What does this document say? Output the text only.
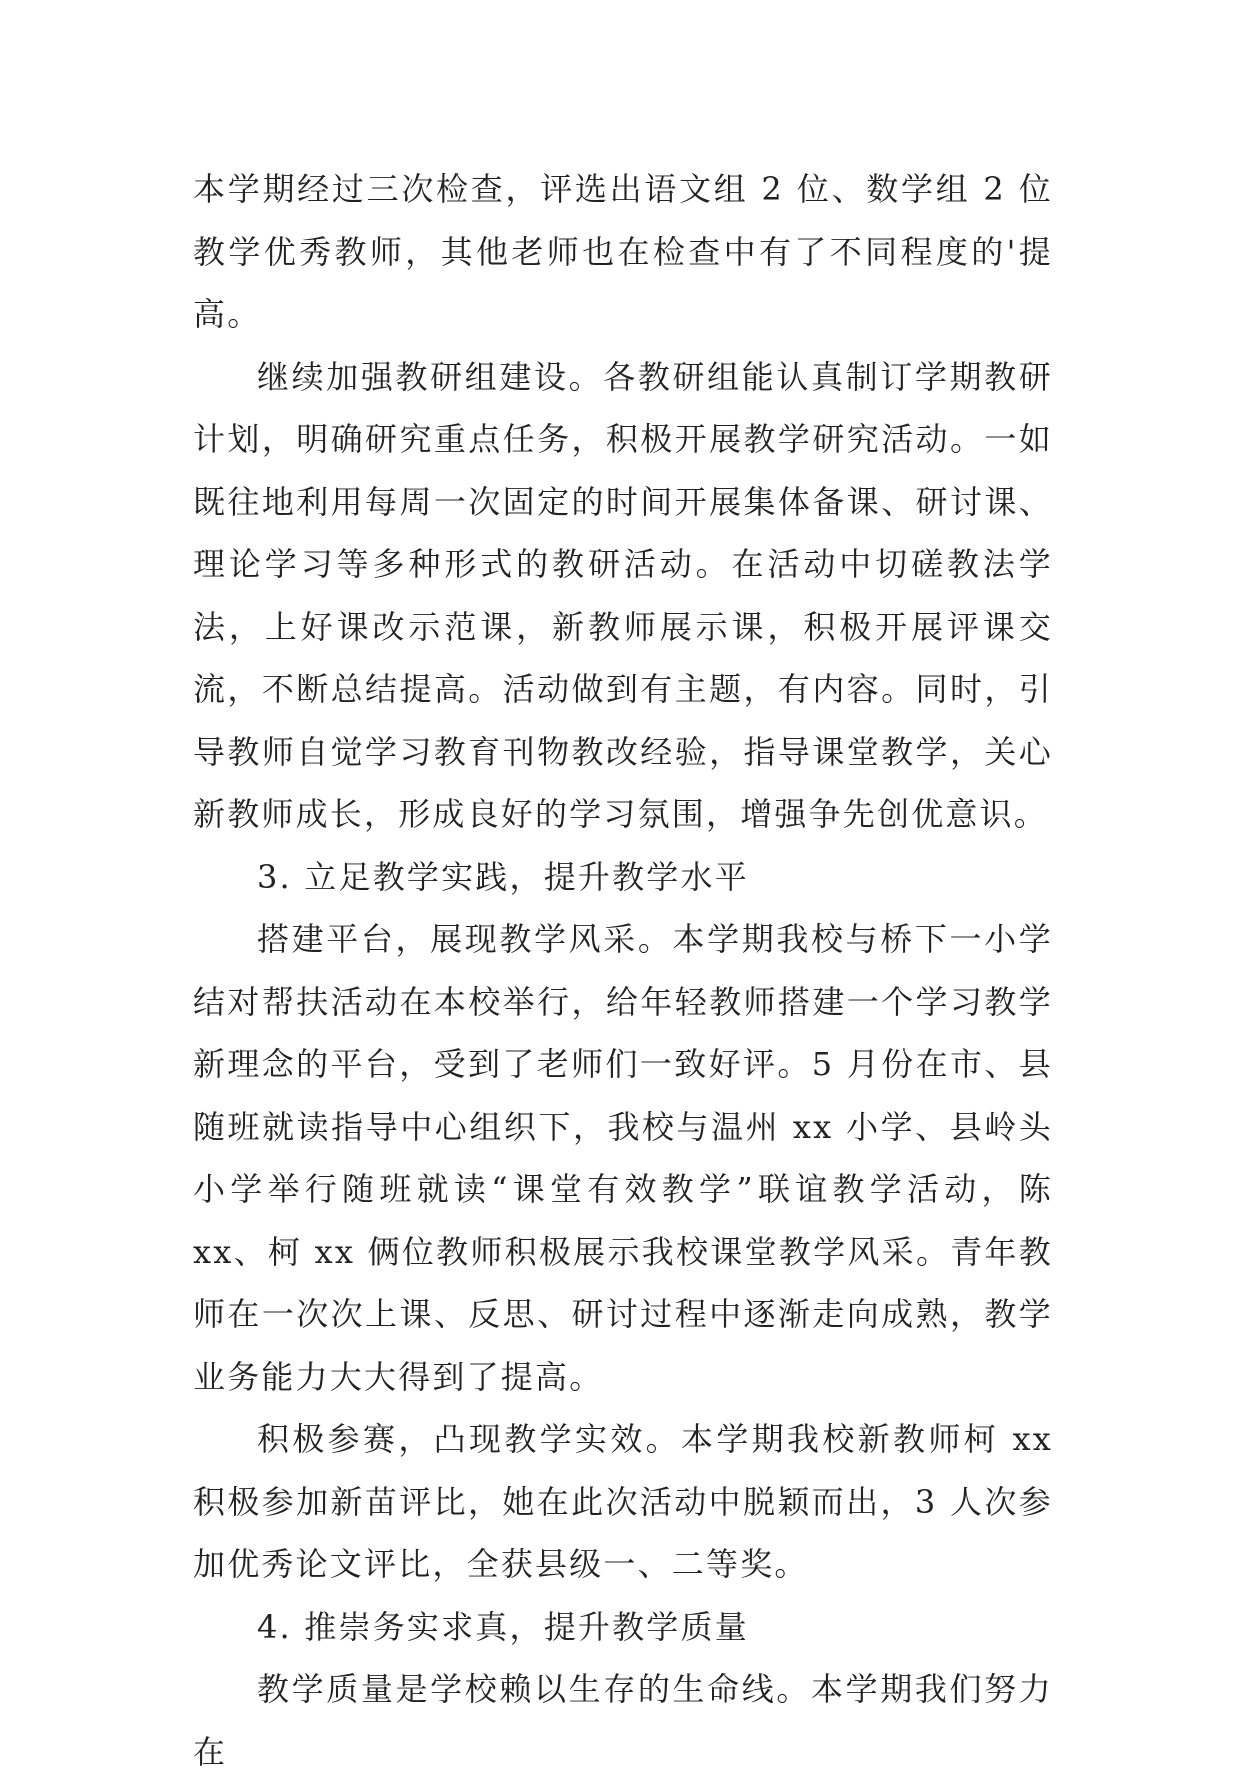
本学期经过三次检查，评选出语文组 2 位、数学组 2 位教学优秀教师，其他老师也在检查中有了不同程度的'提高。

继续加强教研组建设。各教研组能认真制订学期教研计划，明确研究重点任务，积极开展教学研究活动。一如既往地利用每周一次固定的时间开展集体备课、研讨课、理论学习等多种形式的教研活动。在活动中切磋教法学法，上好课改示范课，新教师展示课，积极开展评课交流，不断总结提高。活动做到有主题，有内容。同时，引导教师自觉学习教育刊物教改经验，指导课堂教学，关心新教师成长，形成良好的学习氛围，增强争先创优意识。

3. 立足教学实践，提升教学水平

搭建平台，展现教学风采。本学期我校与桥下一小学结对帮扶活动在本校举行，给年轻教师搭建一个学习教学新理念的平台，受到了老师们一致好评。5 月份在市、县随班就读指导中心组织下，我校与温州 xx 小学、县岭头小学举行随班就读“课堂有效教学”联谊教学活动，陈 xx、柯 xx 俩位教师积极展示我校课堂教学风采。青年教师在一次次上课、反思、研讨过程中逐渐走向成熟，教学业务能力大大得到了提高。

积极参赛，凸现教学实效。本学期我校新教师柯 xx 积极参加新苗评比，她在此次活动中脱颖而出，3 人次参加优秀论文评比，全获县级一、二等奖。

4. 推崇务实求真，提升教学质量

教学质量是学校赖以生存的生命线。本学期我们努力在
